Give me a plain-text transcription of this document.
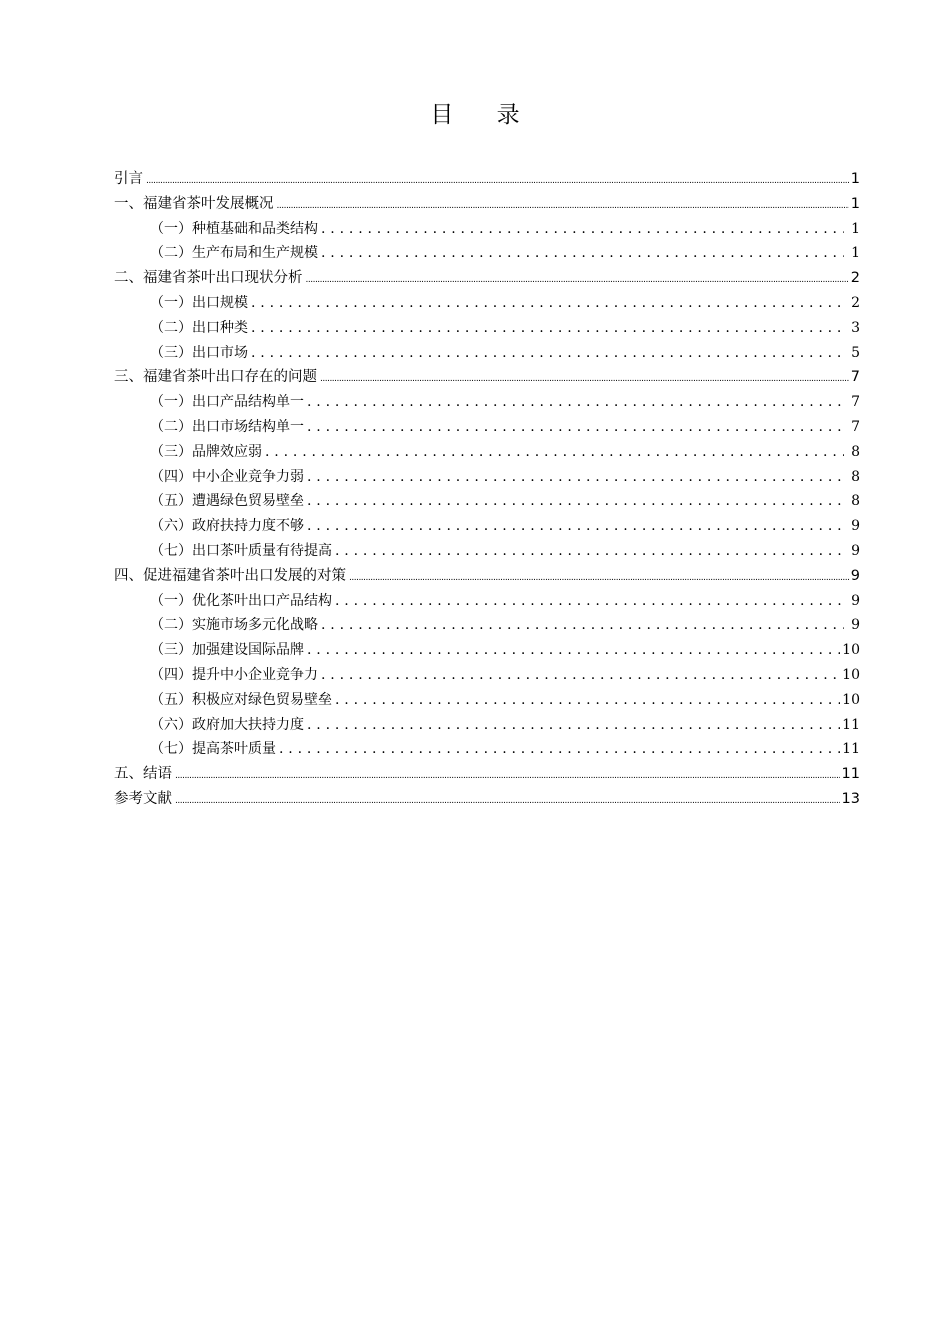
目 录
引言 .....	1
一、福建省茶叶发展概况 .....	1
（一）种植基础和品类结构 . . .	1
（二）生产布局和生产规模 . . .	1
二、福建省茶叶出口现状分析 .....	2
（一）出口规模 . . .	2
（二）出口种类 . . .	3
（三）出口市场 . . .	5
三、福建省茶叶出口存在的问题 .....	7
（一）出口产品结构单一 . . .	7
（二）出口市场结构单一 . . .	7
（三）品牌效应弱 . . .	8
（四）中小企业竞争力弱 . . .	8
（五）遭遇绿色贸易壁垒 . . .	8
（六）政府扶持力度不够 . . .	9
（七）出口茶叶质量有待提高 . . .	9
四、促进福建省茶叶出口发展的对策 .....	9
（一）优化茶叶出口产品结构 . . .	9
（二）实施市场多元化战略 . . .	9
（三）加强建设国际品牌 . . .	10
（四）提升中小企业竞争力 . . .	10
（五）积极应对绿色贸易壁垒 . . .	10
（六）政府加大扶持力度 . . .	11
（七）提高茶叶质量 . . .	11
五、结语 .....	11
参考文献 .....	13
